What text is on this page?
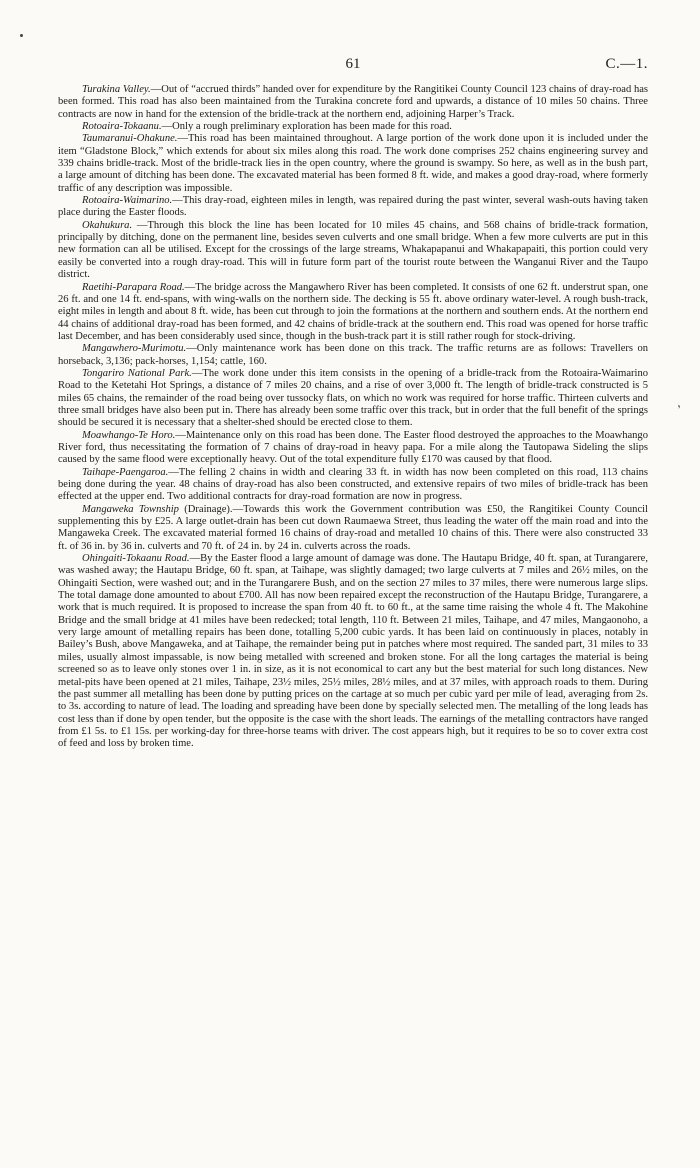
61	C.—1.
’

Turakina Valley.—Out of “accrued thirds” handed over for expenditure by the Rangitikei County Council 123 chains of dray-road has been formed. This road has also been maintained from the Turakina concrete ford and upwards, a distance of 10 miles 50 chains. Three contracts are now in hand for the extension of the bridle-track at the northern end, adjoining Harper’s Track.

Rotoaira-Tokaanu.—Only a rough preliminary exploration has been made for this road.

Taumaranui-Ohakune.—This road has been maintained throughout. A large portion of the work done upon it is included under the item “Gladstone Block,” which extends for about six miles along this road. The work done comprises 252 chains engineering survey and 339 chains bridle-track. Most of the bridle-track lies in the open country, where the ground is swampy. So here, as well as in the bush part, a large amount of ditching has been done. The excavated material has been formed 8 ft. wide, and makes a good dray-road, where formerly traffic of any description was impossible.

Rotoaira-Waimarino.—This dray-road, eighteen miles in length, was repaired during the past winter, several wash-outs having taken place during the Easter floods.

Okahukura. —Through this block the line has been located for 10 miles 45 chains, and 568 chains of bridle-track formation, principally by ditching, done on the permanent line, besides seven culverts and one small bridge. When a few more culverts are put in this new formation can all be utilised. Except for the crossings of the large streams, Whakapapanui and Whakapapaiti, this portion could very easily be converted into a rough dray-road. This will in future form part of the tourist route between the Wanganui River and the Taupo district.

Raetihi-Parapara Road.—The bridge across the Mangawhero River has been completed. It consists of one 62 ft. understrut span, one 26 ft. and one 14 ft. end-spans, with wing-walls on the northern side. The decking is 55 ft. above ordinary water-level. A rough bush-track, eight miles in length and about 8 ft. wide, has been cut through to join the formations at the northern and southern ends. At the northern end 44 chains of additional dray-road has been formed, and 42 chains of bridle-track at the southern end. This road was opened for horse traffic last December, and has been considerably used since, though in the bush-track part it is still rather rough for stock-driving.

Mangawhero-Murimotu.—Only maintenance work has been done on this track. The traffic returns are as follows: Travellers on horseback, 3,136; pack-horses, 1,154; cattle, 160.

Tongariro National Park.—The work done under this item consists in the opening of a bridle-track from the Rotoaira-Waimarino Road to the Ketetahi Hot Springs, a distance of 7 miles 20 chains, and a rise of over 3,000 ft. The length of bridle-track constructed is 5 miles 65 chains, the remainder of the road being over tussocky flats, on which no work was required for horse traffic. Thirteen culverts and three small bridges have also been put in. There has already been some traffic over this track, but in order that the full benefit of the springs should be secured it is necessary that a shelter-shed should be erected close to them.

Moawhango-Te Horo.—Maintenance only on this road has been done. The Easter flood destroyed the approaches to the Moawhango River ford, thus necessitating the formation of 7 chains of dray-road in heavy papa. For a mile along the Tautopawa Sideling the slips caused by the same flood were exceptionally heavy. Out of the total expenditure fully £170 was caused by that flood.

Taihape-Paengaroa.—The felling 2 chains in width and clearing 33 ft. in width has now been completed on this road, 113 chains being done during the year. 48 chains of dray-road has also been constructed, and extensive repairs of two miles of bridle-track has been effected at the upper end. Two additional contracts for dray-road formation are now in progress.

Mangaweka Township (Drainage).—Towards this work the Government contribution was £50, the Rangitikei County Council supplementing this by £25. A large outlet-drain has been cut down Raumaewa Street, thus leading the water off the main road and into the Mangaweka Creek. The excavated material formed 16 chains of dray-road and metalled 10 chains of this. There were also constructed 33 ft. of 36 in. by 36 in. culverts and 70 ft. of 24 in. by 24 in. culverts across the roads.

Ohingaiti-Tokaanu Road.—By the Easter flood a large amount of damage was done. The Hautapu Bridge, 40 ft. span, at Turangarere, was washed away; the Hautapu Bridge, 60 ft. span, at Taihape, was slightly damaged; two large culverts at 7 miles and 26½ miles, on the Ohingaiti Section, were washed out; and in the Turangarere Bush, and on the section 27 miles to 37 miles, there were numerous large slips. The total damage done amounted to about £700. All has now been repaired except the reconstruction of the Hautapu Bridge, Turangarere, a work that is much required. It is proposed to increase the span from 40 ft. to 60 ft., at the same time raising the whole 4 ft. The Makohine Bridge and the small bridge at 41 miles have been redecked; total length, 110 ft. Between 21 miles, Taihape, and 47 miles, Mangaonoho, a very large amount of metalling repairs has been done, totalling 5,200 cubic yards. It has been laid on continuously in places, notably in Bailey’s Bush, above Mangaweka, and at Taihape, the remainder being put in patches where most required. The sanded part, 31 miles to 33 miles, usually almost impassable, is now being metalled with screened and broken stone. For all the long cartages the material is being screened so as to leave only stones over 1 in. in size, as it is not economical to cart any but the best material for such long distances. New metal-pits have been opened at 21 miles, Taihape, 23½ miles, 25½ miles, 28½ miles, and at 37 miles, with approach roads to them. During the past summer all metalling has been done by putting prices on the cartage at so much per cubic yard per mile of lead, averaging from 2s. to 3s. according to nature of lead. The loading and spreading have been done by specially selected men. The metalling of the long leads has cost less than if done by open tender, but the opposite is the case with the short leads. The earnings of the metalling contractors have ranged from £1 5s. to £1 15s. per working-day for three-horse teams with driver. The cost appears high, but it requires to be so to cover extra cost of feed and loss by broken time.
